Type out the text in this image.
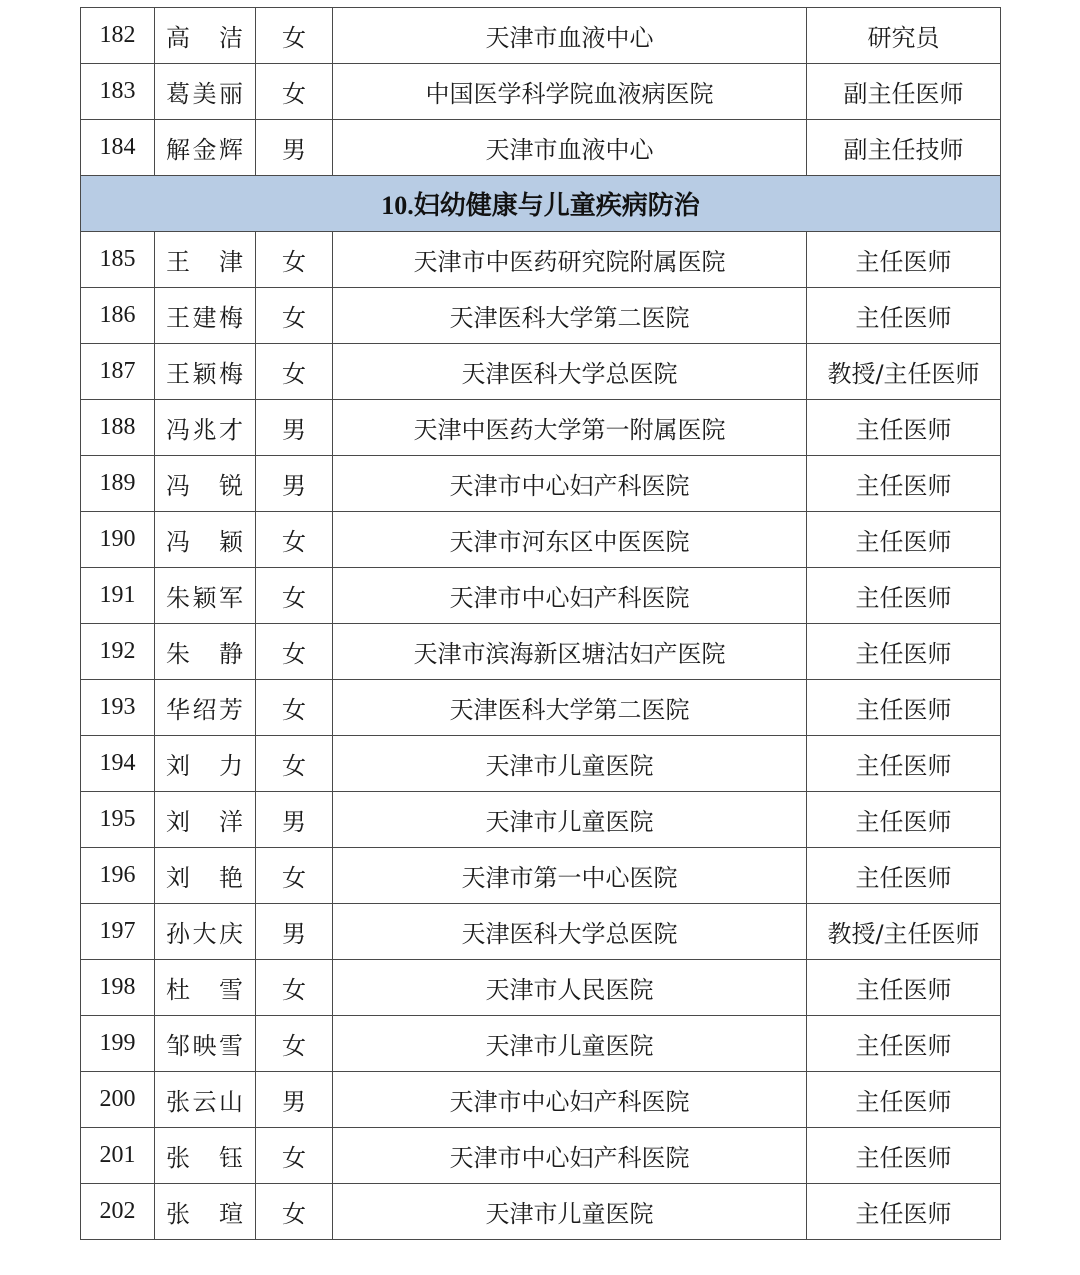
182	高　洁	女	天津市血液中心	研究员
183	葛美丽	女	中国医学科学院血液病医院	副主任医师
184	解金辉	男	天津市血液中心	副主任技师
10.妇幼健康与儿童疾病防治				
185	王　津	女	天津市中医药研究院附属医院	主任医师
186	王建梅	女	天津医科大学第二医院	主任医师
187	王颖梅	女	天津医科大学总医院	教授/主任医师
188	冯兆才	男	天津中医药大学第一附属医院	主任医师
189	冯　锐	男	天津市中心妇产科医院	主任医师
190	冯　颖	女	天津市河东区中医医院	主任医师
191	朱颖军	女	天津市中心妇产科医院	主任医师
192	朱　静	女	天津市滨海新区塘沽妇产医院	主任医师
193	华绍芳	女	天津医科大学第二医院	主任医师
194	刘　力	女	天津市儿童医院	主任医师
195	刘　洋	男	天津市儿童医院	主任医师
196	刘　艳	女	天津市第一中心医院	主任医师
197	孙大庆	男	天津医科大学总医院	教授/主任医师
198	杜　雪	女	天津市人民医院	主任医师
199	邹映雪	女	天津市儿童医院	主任医师
200	张云山	男	天津市中心妇产科医院	主任医师
201	张　钰	女	天津市中心妇产科医院	主任医师
202	张　瑄	女	天津市儿童医院	主任医师
